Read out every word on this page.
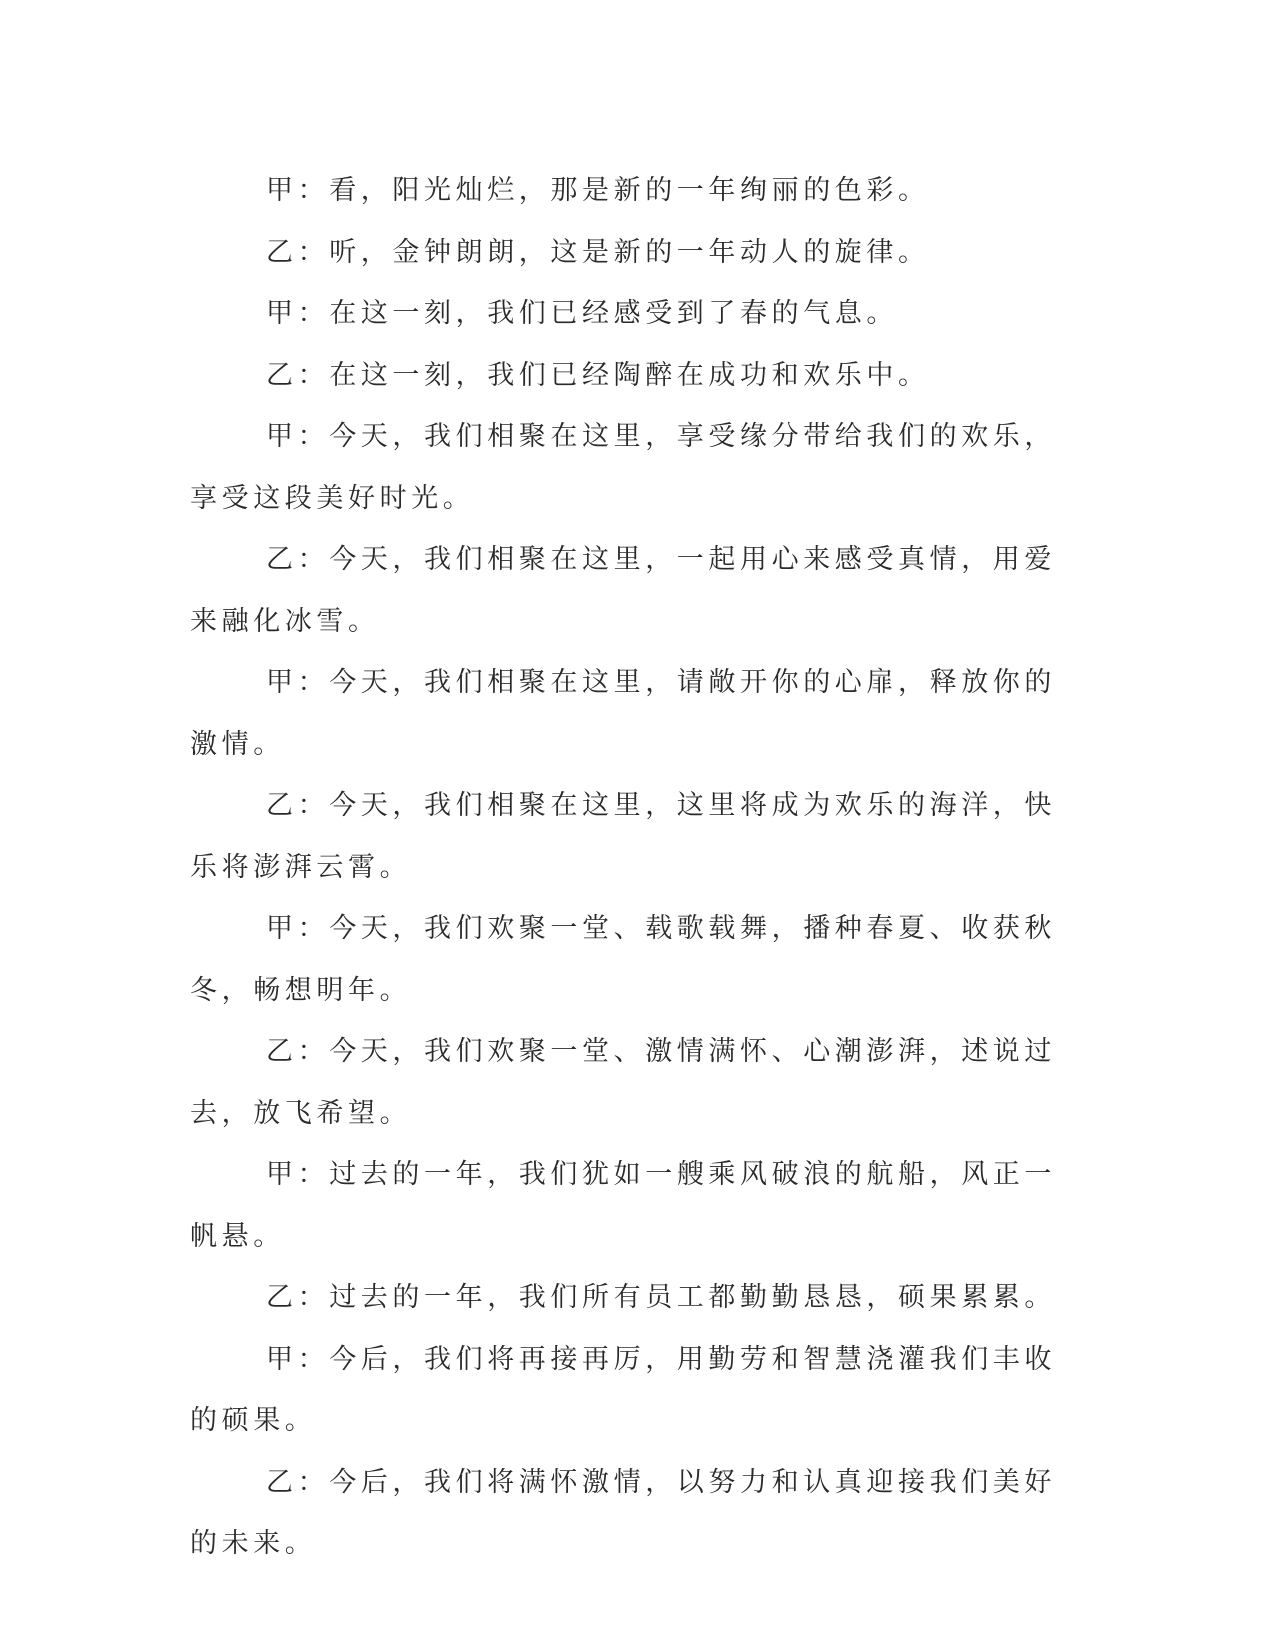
甲：看，阳光灿烂，那是新的一年绚丽的色彩。

乙：听，金钟朗朗，这是新的一年动人的旋律。

甲：在这一刻，我们已经感受到了春的气息。

乙：在这一刻，我们已经陶醉在成功和欢乐中。

甲：今天，我们相聚在这里，享受缘分带给我们的欢乐，享受这段美好时光。

乙：今天，我们相聚在这里，一起用心来感受真情，用爱来融化冰雪。

甲：今天，我们相聚在这里，请敞开你的心扉，释放你的激情。

乙：今天，我们相聚在这里，这里将成为欢乐的海洋，快乐将澎湃云霄。

甲：今天，我们欢聚一堂、载歌载舞，播种春夏、收获秋冬，畅想明年。

乙：今天，我们欢聚一堂、激情满怀、心潮澎湃，述说过去，放飞希望。

甲：过去的一年，我们犹如一艘乘风破浪的航船，风正一帆悬。

乙：过去的一年，我们所有员工都勤勤恳恳，硕果累累。

甲：今后，我们将再接再厉，用勤劳和智慧浇灌我们丰收的硕果。

乙：今后，我们将满怀激情，以努力和认真迎接我们美好的未来。
